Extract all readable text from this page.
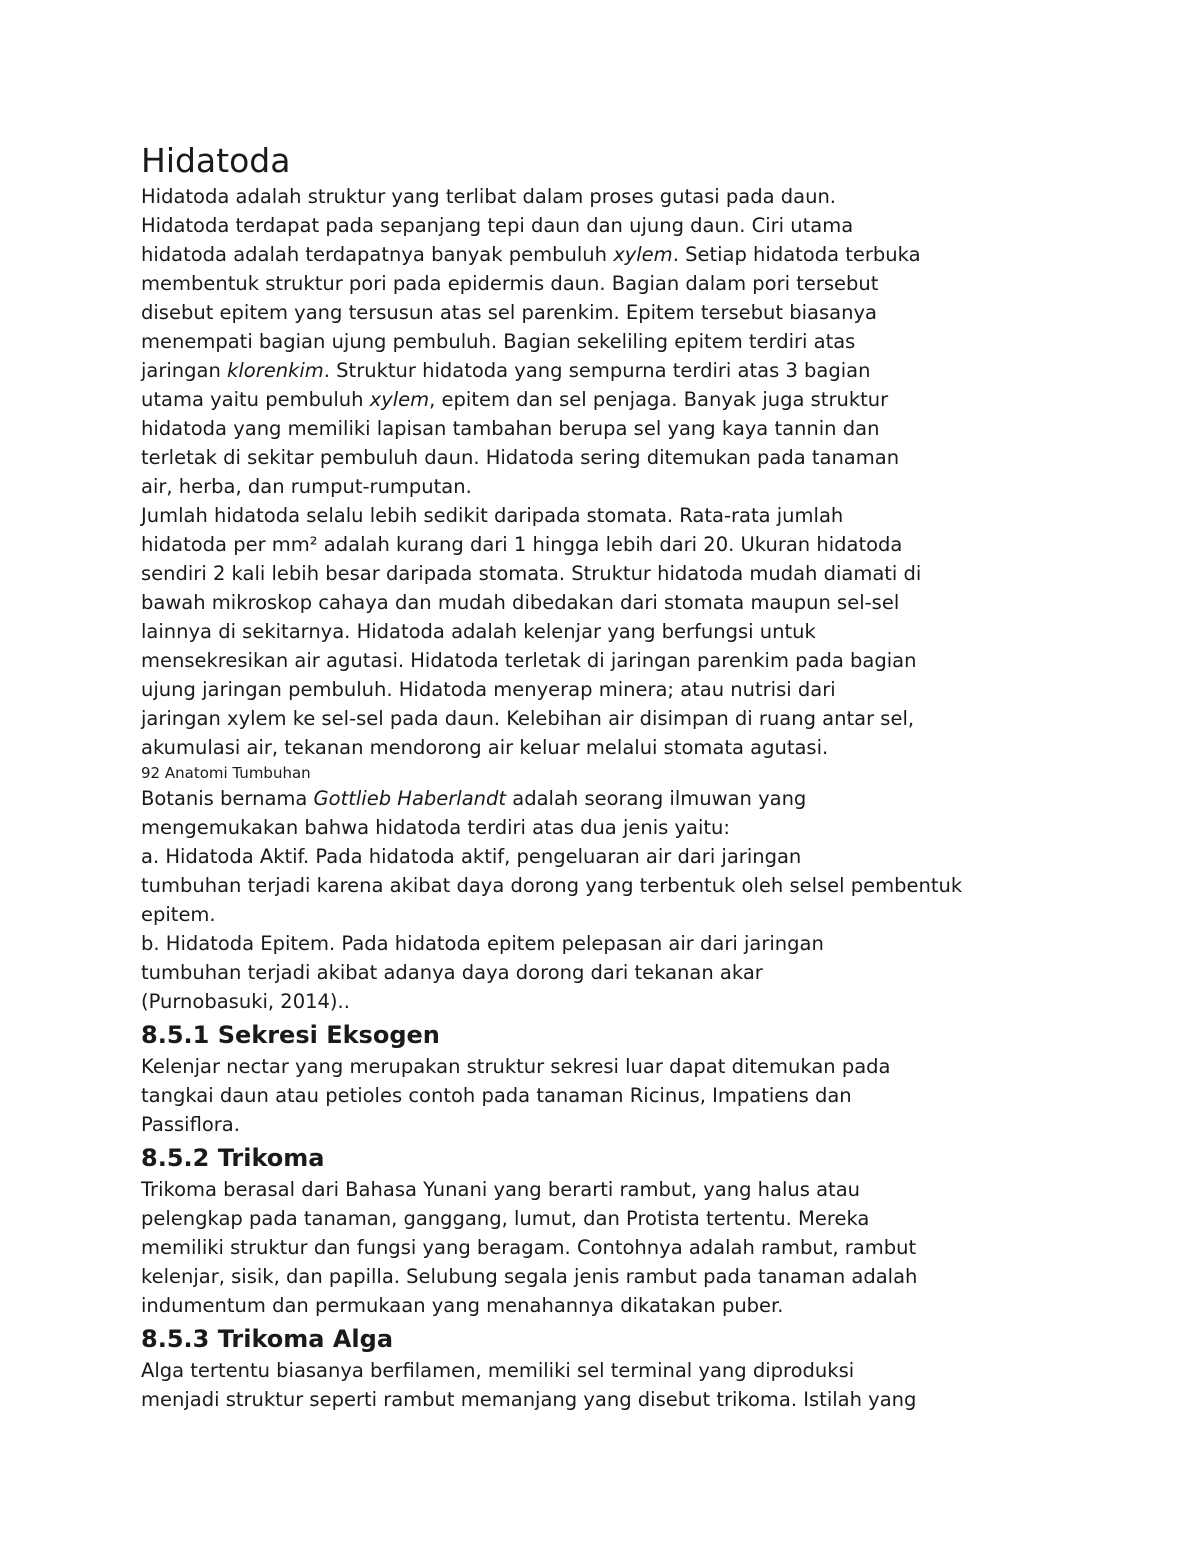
Hidatoda
Hidatoda adalah struktur yang terlibat dalam proses gutasi pada daun.
Hidatoda terdapat pada sepanjang tepi daun dan ujung daun. Ciri utama
hidatoda adalah terdapatnya banyak pembuluh xylem. Setiap hidatoda terbuka
membentuk struktur pori pada epidermis daun. Bagian dalam pori tersebut
disebut epitem yang tersusun atas sel parenkim. Epitem tersebut biasanya
menempati bagian ujung pembuluh. Bagian sekeliling epitem terdiri atas
jaringan klorenkim. Struktur hidatoda yang sempurna terdiri atas 3 bagian
utama yaitu pembuluh xylem, epitem dan sel penjaga. Banyak juga struktur
hidatoda yang memiliki lapisan tambahan berupa sel yang kaya tannin dan
terletak di sekitar pembuluh daun. Hidatoda sering ditemukan pada tanaman
air, herba, dan rumput-rumputan.
Jumlah hidatoda selalu lebih sedikit daripada stomata. Rata-rata jumlah
hidatoda per mm² adalah kurang dari 1 hingga lebih dari 20. Ukuran hidatoda
sendiri 2 kali lebih besar daripada stomata. Struktur hidatoda mudah diamati di
bawah mikroskop cahaya dan mudah dibedakan dari stomata maupun sel-sel
lainnya di sekitarnya. Hidatoda adalah kelenjar yang berfungsi untuk
mensekresikan air agutasi. Hidatoda terletak di jaringan parenkim pada bagian
ujung jaringan pembuluh. Hidatoda menyerap minera; atau nutrisi dari
jaringan xylem ke sel-sel pada daun. Kelebihan air disimpan di ruang antar sel,
akumulasi air, tekanan mendorong air keluar melalui stomata agutasi.
92 Anatomi Tumbuhan
Botanis bernama Gottlieb Haberlandt adalah seorang ilmuwan yang
mengemukakan bahwa hidatoda terdiri atas dua jenis yaitu:
a. Hidatoda Aktif. Pada hidatoda aktif, pengeluaran air dari jaringan
tumbuhan terjadi karena akibat daya dorong yang terbentuk oleh selsel pembentuk
epitem.
b. Hidatoda Epitem. Pada hidatoda epitem pelepasan air dari jaringan
tumbuhan terjadi akibat adanya daya dorong dari tekanan akar
(Purnobasuki, 2014)..
8.5.1 Sekresi Eksogen
Kelenjar nectar yang merupakan struktur sekresi luar dapat ditemukan pada
tangkai daun atau petioles contoh pada tanaman Ricinus, Impatiens dan
Passiflora.
8.5.2 Trikoma
Trikoma berasal dari Bahasa Yunani yang berarti rambut, yang halus atau
pelengkap pada tanaman, ganggang, lumut, dan Protista tertentu. Mereka
memiliki struktur dan fungsi yang beragam. Contohnya adalah rambut, rambut
kelenjar, sisik, dan papilla. Selubung segala jenis rambut pada tanaman adalah
indumentum dan permukaan yang menahannya dikatakan puber.
8.5.3 Trikoma Alga
Alga tertentu biasanya berfilamen, memiliki sel terminal yang diproduksi
menjadi struktur seperti rambut memanjang yang disebut trikoma. Istilah yang
